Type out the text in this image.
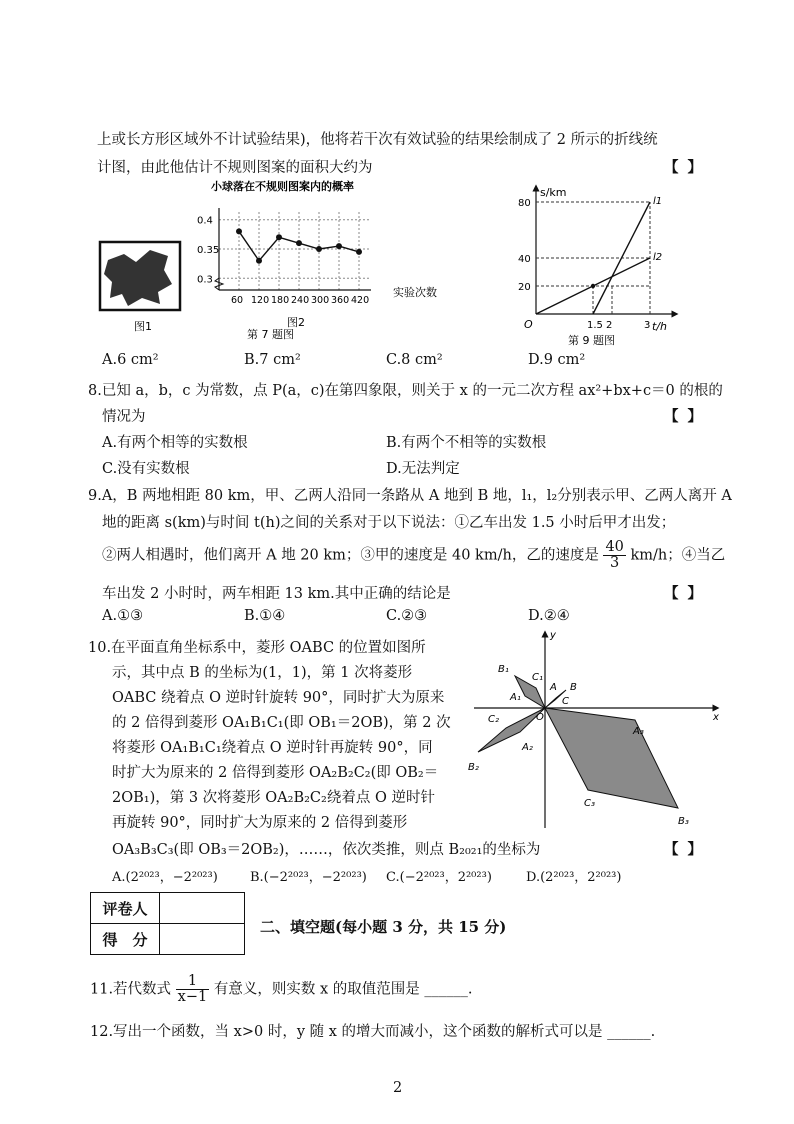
上或长方形区域外不计试验结果)，他将若干次有效试验的结果绘制成了 2 所示的折线统
计图，由此他估计不规则图案的面积大约为	【 】
图1
小球落在不规则图案内的概率
0.4
0.35
0.3
60 120 180 240 300 360 420
实验次数
图2
第 7 题图
s/km
t/h
O
20
40
80
1.5 2	3
l1
l2
第 9 题图
A.6 cm²	B.7 cm²	C.8 cm²	D.9 cm²
8.已知 a，b，c 为常数，点 P(a，c)在第四象限，则关于 x 的一元二次方程 ax²+bx+c＝0 的根的
情况为	【 】
A.有两个相等的实数根	B.有两个不相等的实数根
C.没有实数根	D.无法判定
9.A，B 两地相距 80 km，甲、乙两人沿同一条路从 A 地到 B 地，l₁，l₂分别表示甲、乙两人离开 A
地的距离 s(km)与时间 t(h)之间的关系对于以下说法：①乙车出发 1.5 小时后甲才出发；
②两人相遇时，他们离开 A 地 20 km；③甲的速度是 40 km/h，乙的速度是 $\frac{40}{3} km/h$；④当乙
车出发 2 小时时，两车相距 13 km.其中正确的结论是	【 】
A.①③	B.①④	C.②③	D.②④
10.在平面直角坐标系中，菱形 OABC 的位置如图所
示，其中点 B 的坐标为(1，1)，第 1 次将菱形
OABC 绕着点 O 逆时针旋转 90°，同时扩大为原来
的 2 倍得到菱形 OA₁B₁C₁(即 OB₁＝2OB)，第 2 次
将菱形 OA₁B₁C₁绕着点 O 逆时针再旋转 90°，同
时扩大为原来的 2 倍得到菱形 OA₂B₂C₂(即 OB₂＝
2OB₁)，第 3 次将菱形 OA₂B₂C₂绕着点 O 逆时针
再旋转 90°，同时扩大为原来的 2 倍得到菱形
OA₃B₃C₃(即 OB₃＝2OB₂)，……，依次类推，则点 B₂₀₂₁的坐标为	【 】
A.(2²⁰²³，−2²⁰²³) B.(−2²⁰²³，−2²⁰²³) C.(−2²⁰²³，2²⁰²³)	D.(2²⁰²³，2²⁰²³)
y
x
O
A B
C
C₁
B₁
A₁
C₂
A₂
B₂
A₃
C₃
B₃
评卷人	
得　分	
二、填空题(每小题 3 分，共 15 分)
11.若代数式 $\frac{1}{x-1}$ 有意义，则实数 x 的取值范围是 ______.
12.写出一个函数，当 x>0 时，y 随 x 的增大而减小，这个函数的解析式可以是 ______.
2
